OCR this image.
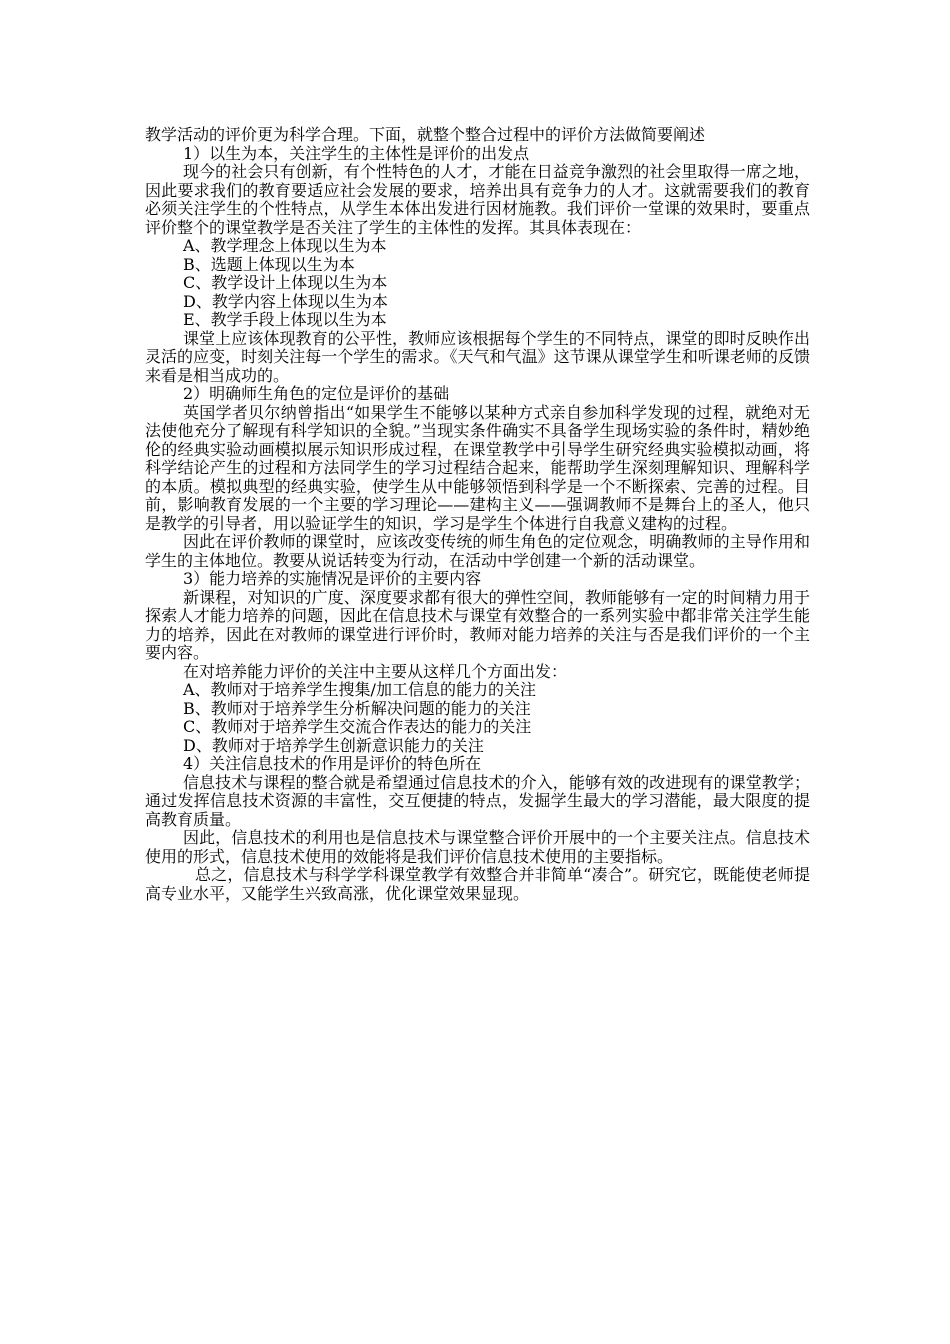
教学活动的评价更为科学合理。下面，就整个整合过程中的评价方法做简要阐述

1）以生为本，关注学生的主体性是评价的出发点

现今的社会只有创新，有个性特色的人才，才能在日益竞争激烈的社会里取得一席之地，因此要求我们的教育要适应社会发展的要求，培养出具有竞争力的人才。这就需要我们的教育必须关注学生的个性特点，从学生本体出发进行因材施教。我们评价一堂课的效果时，要重点评价整个的课堂教学是否关注了学生的主体性的发挥。其具体表现在：

A、教学理念上体现以生为本

B、选题上体现以生为本

C、教学设计上体现以生为本

D、教学内容上体现以生为本

E、教学手段上体现以生为本

课堂上应该体现教育的公平性，教师应该根据每个学生的不同特点，课堂的即时反映作出灵活的应变，时刻关注每一个学生的需求。《天气和气温》这节课从课堂学生和听课老师的反馈来看是相当成功的。

2）明确师生角色的定位是评价的基础

英国学者贝尔纳曾指出“如果学生不能够以某种方式亲自参加科学发现的过程，就绝对无法使他充分了解现有科学知识的全貌。”当现实条件确实不具备学生现场实验的条件时，精妙绝伦的经典实验动画模拟展示知识形成过程，在课堂教学中引导学生研究经典实验模拟动画，将科学结论产生的过程和方法同学生的学习过程结合起来，能帮助学生深刻理解知识、理解科学的本质。模拟典型的经典实验，使学生从中能够领悟到科学是一个不断探索、完善的过程。目前，影响教育发展的一个主要的学习理论——建构主义——强调教师不是舞台上的圣人，他只是教学的引导者，用以验证学生的知识，学习是学生个体进行自我意义建构的过程。

因此在评价教师的课堂时，应该改变传统的师生角色的定位观念，明确教师的主导作用和学生的主体地位。教要从说话转变为行动，在活动中学创建一个新的活动课堂。

3）能力培养的实施情况是评价的主要内容

新课程，对知识的广度、深度要求都有很大的弹性空间，教师能够有一定的时间精力用于探索人才能力培养的问题，因此在信息技术与课堂有效整合的一系列实验中都非常关注学生能力的培养，因此在对教师的课堂进行评价时，教师对能力培养的关注与否是我们评价的一个主要内容。

在对培养能力评价的关注中主要从这样几个方面出发：

A、教师对于培养学生搜集/加工信息的能力的关注

B、教师对于培养学生分析解决问题的能力的关注

C、教师对于培养学生交流合作表达的能力的关注

D、教师对于培养学生创新意识能力的关注

4）关注信息技术的作用是评价的特色所在

信息技术与课程的整合就是希望通过信息技术的介入，能够有效的改进现有的课堂教学；通过发挥信息技术资源的丰富性，交互便捷的特点，发掘学生最大的学习潜能，最大限度的提高教育质量。

因此，信息技术的利用也是信息技术与课堂整合评价开展中的一个主要关注点。信息技术使用的形式，信息技术使用的效能将是我们评价信息技术使用的主要指标。

总之，信息技术与科学学科课堂教学有效整合并非简单“凑合”。研究它，既能使老师提高专业水平，又能学生兴致高涨，优化课堂效果显现。
